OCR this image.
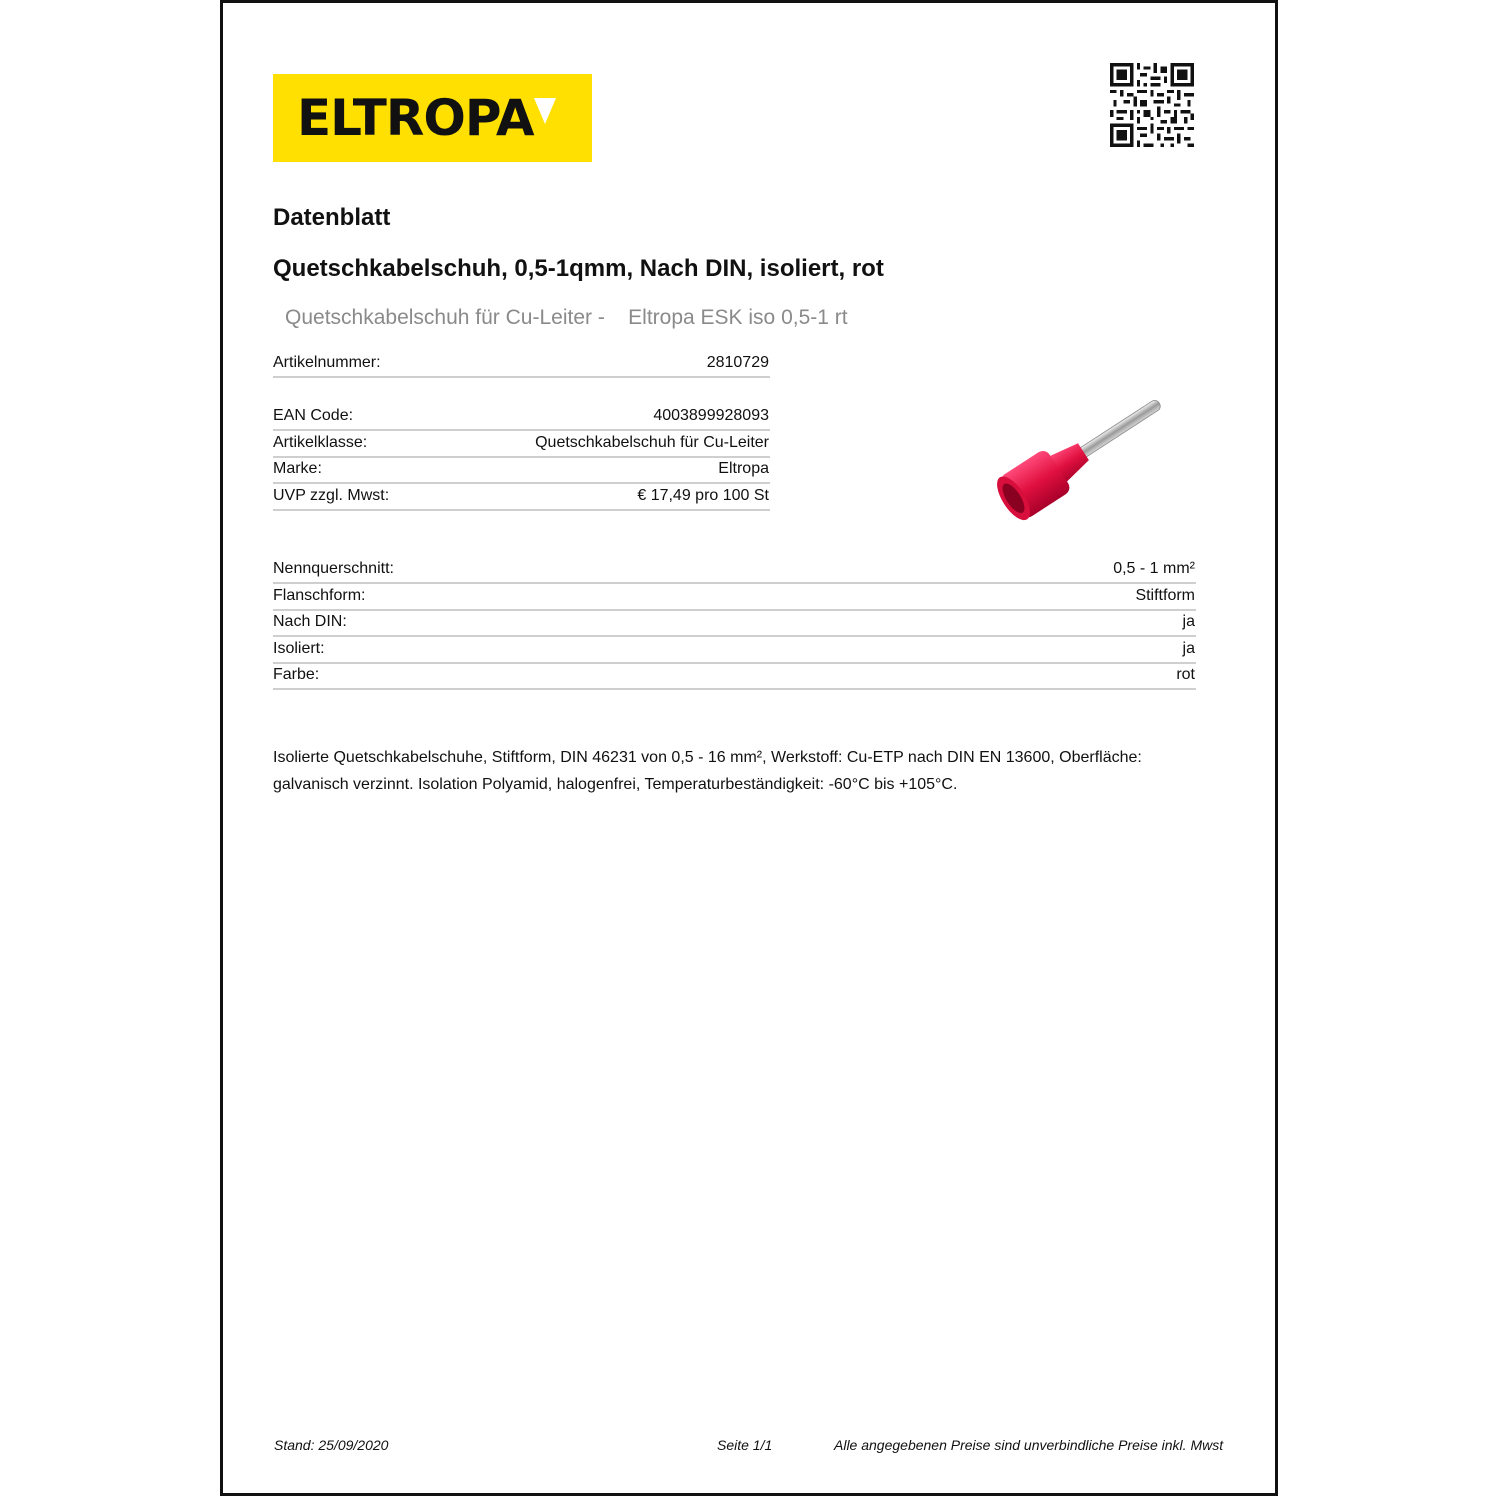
ELTROPA
Datenblatt
Quetschkabelschuh, 0,5-1qmm, Nach DIN, isoliert, rot
Quetschkabelschuh für Cu-Leiter -    Eltropa ESK iso 0,5-1 rt
Artikelnummer:	2810729
EAN Code:	4003899928093
Artikelklasse:	Quetschkabelschuh für Cu-Leiter
Marke:	Eltropa
UVP zzgl. Mwst:	€ 17,49 pro 100 St
Nennquerschnitt:	0,5 - 1 mm²
Flanschform:	Stiftform
Nach DIN:	ja
Isoliert:	ja
Farbe:	rot

Isolierte Quetschkabelschuhe, Stiftform, DIN 46231 von 0,5 - 16 mm², Werkstoff: Cu-ETP nach DIN EN 13600, Oberfläche: galvanisch verzinnt. Isolation Polyamid, halogenfrei, Temperaturbeständigkeit: -60°C bis +105°C.

Stand: 25/09/2020	Seite 1/1	Alle angegebenen Preise sind unverbindliche Preise inkl. Mwst
